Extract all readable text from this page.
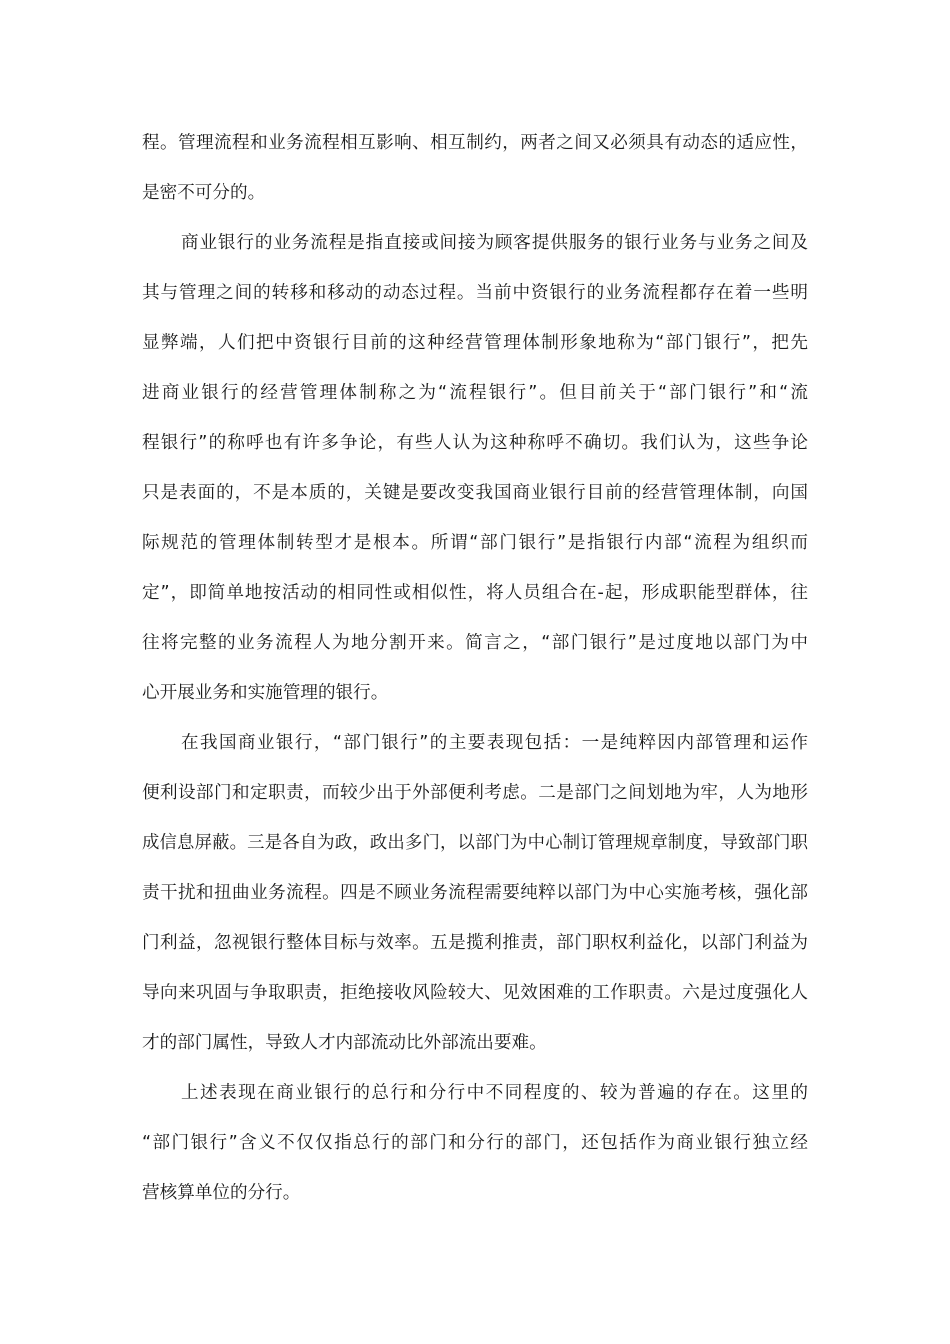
程。管理流程和业务流程相互影响、相互制约，两者之间又必须具有动态的适应性，
是密不可分的。
商业银行的业务流程是指直接或间接为顾客提供服务的银行业务与业务之间及
其与管理之间的转移和移动的动态过程。当前中资银行的业务流程都存在着一些明
显弊端，人们把中资银行目前的这种经营管理体制形象地称为“部门银行”，把先
进商业银行的经营管理体制称之为“流程银行”。但目前关于“部门银行”和“流
程银行”的称呼也有许多争论，有些人认为这种称呼不确切。我们认为，这些争论
只是表面的，不是本质的，关键是要改变我国商业银行目前的经营管理体制，向国
际规范的管理体制转型才是根本。所谓“部门银行”是指银行内部“流程为组织而
定”，即简单地按活动的相同性或相似性，将人员组合在-起，形成职能型群体，往
往将完整的业务流程人为地分割开来。简言之，“部门银行”是过度地以部门为中
心开展业务和实施管理的银行。
在我国商业银行，“部门银行”的主要表现包括：一是纯粹因内部管理和运作
便利设部门和定职责，而较少出于外部便利考虑。二是部门之间划地为牢，人为地形
成信息屏蔽。三是各自为政，政出多门，以部门为中心制订管理规章制度，导致部门职
责干扰和扭曲业务流程。四是不顾业务流程需要纯粹以部门为中心实施考核，强化部
门利益，忽视银行整体目标与效率。五是揽利推责，部门职权利益化，以部门利益为
导向来巩固与争取职责，拒绝接收风险较大、见效困难的工作职责。六是过度强化人
才的部门属性，导致人才内部流动比外部流出要难。
上述表现在商业银行的总行和分行中不同程度的、较为普遍的存在。这里的
“部门银行”含义不仅仅指总行的部门和分行的部门，还包括作为商业银行独立经
营核算单位的分行。
